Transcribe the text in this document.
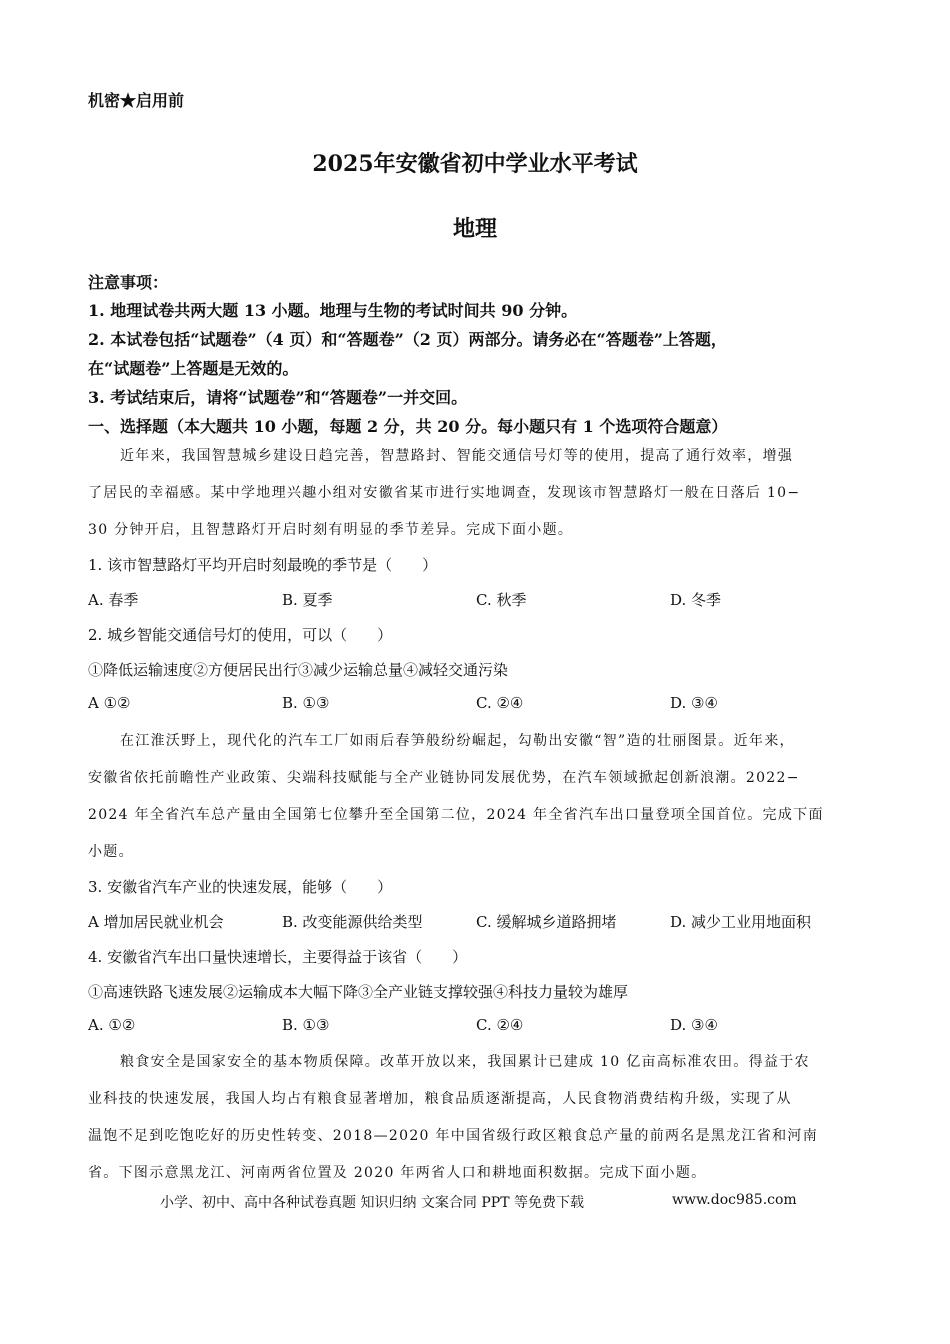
机密★启用前
2025年安徽省初中学业水平考试
地理
注意事项：
1. 地理试卷共两大题 13 小题。地理与生物的考试时间共 90 分钟。
2. 本试卷包括“试题卷”（4 页）和“答题卷”（2 页）两部分。请务必在“答题卷”上答题，
在“试题卷”上答题是无效的。
3. 考试结束后，请将“试题卷”和“答题卷”一并交回。
一、选择题（本大题共 10 小题，每题 2 分，共 20 分。每小题只有 1 个选项符合题意）
近年来，我国智慧城乡建设日趋完善，智慧路封、智能交通信号灯等的使用，提高了通行效率，增强
了居民的幸福感。某中学地理兴趣小组对安徽省某市进行实地调查，发现该市智慧路灯一般在日落后 10−
30 分钟开启，且智慧路灯开启时刻有明显的季节差异。完成下面小题。
1. 该市智慧路灯平均开启时刻最晚的季节是（　　）
A. 春季	B. 夏季	C. 秋季	D. 冬季
2. 城乡智能交通信号灯的使用，可以（　　）
①降低运输速度②方便居民出行③减少运输总量④减轻交通污染
A ①②	B. ①③	C. ②④	D. ③④
在江淮沃野上，现代化的汽车工厂如雨后春笋般纷纷崛起，勾勒出安徽“智”造的壮丽图景。近年来，
安徽省依托前瞻性产业政策、尖端科技赋能与全产业链协同发展优势，在汽车领域掀起创新浪潮。2022−
2024 年全省汽车总产量由全国第七位攀升至全国第二位，2024 年全省汽车出口量登项全国首位。完成下面
小题。
3. 安徽省汽车产业的快速发展，能够（　　）
A 增加居民就业机会	B. 改变能源供给类型	C. 缓解城乡道路拥堵	D. 减少工业用地面积
4. 安徽省汽车出口量快速增长，主要得益于该省（　　）
①高速铁路飞速发展②运输成本大幅下降③全产业链支撑较强④科技力量较为雄厚
A. ①②	B. ①③	C. ②④	D. ③④
粮食安全是国家安全的基本物质保障。改革开放以来，我国累计已建成 10 亿亩高标准农田。得益于农
业科技的快速发展，我国人均占有粮食显著增加，粮食品质逐渐提高，人民食物消费结构升级，实现了从
温饱不足到吃饱吃好的历史性转变、2018—2020 年中国省级行政区粮食总产量的前两名是黑龙江省和河南
省。下图示意黑龙江、河南两省位置及 2020 年两省人口和耕地面积数据。完成下面小题。
小学、初中、高中各种试卷真题 知识归纳 文案合同 PPT 等免费下载	www.doc985.com
